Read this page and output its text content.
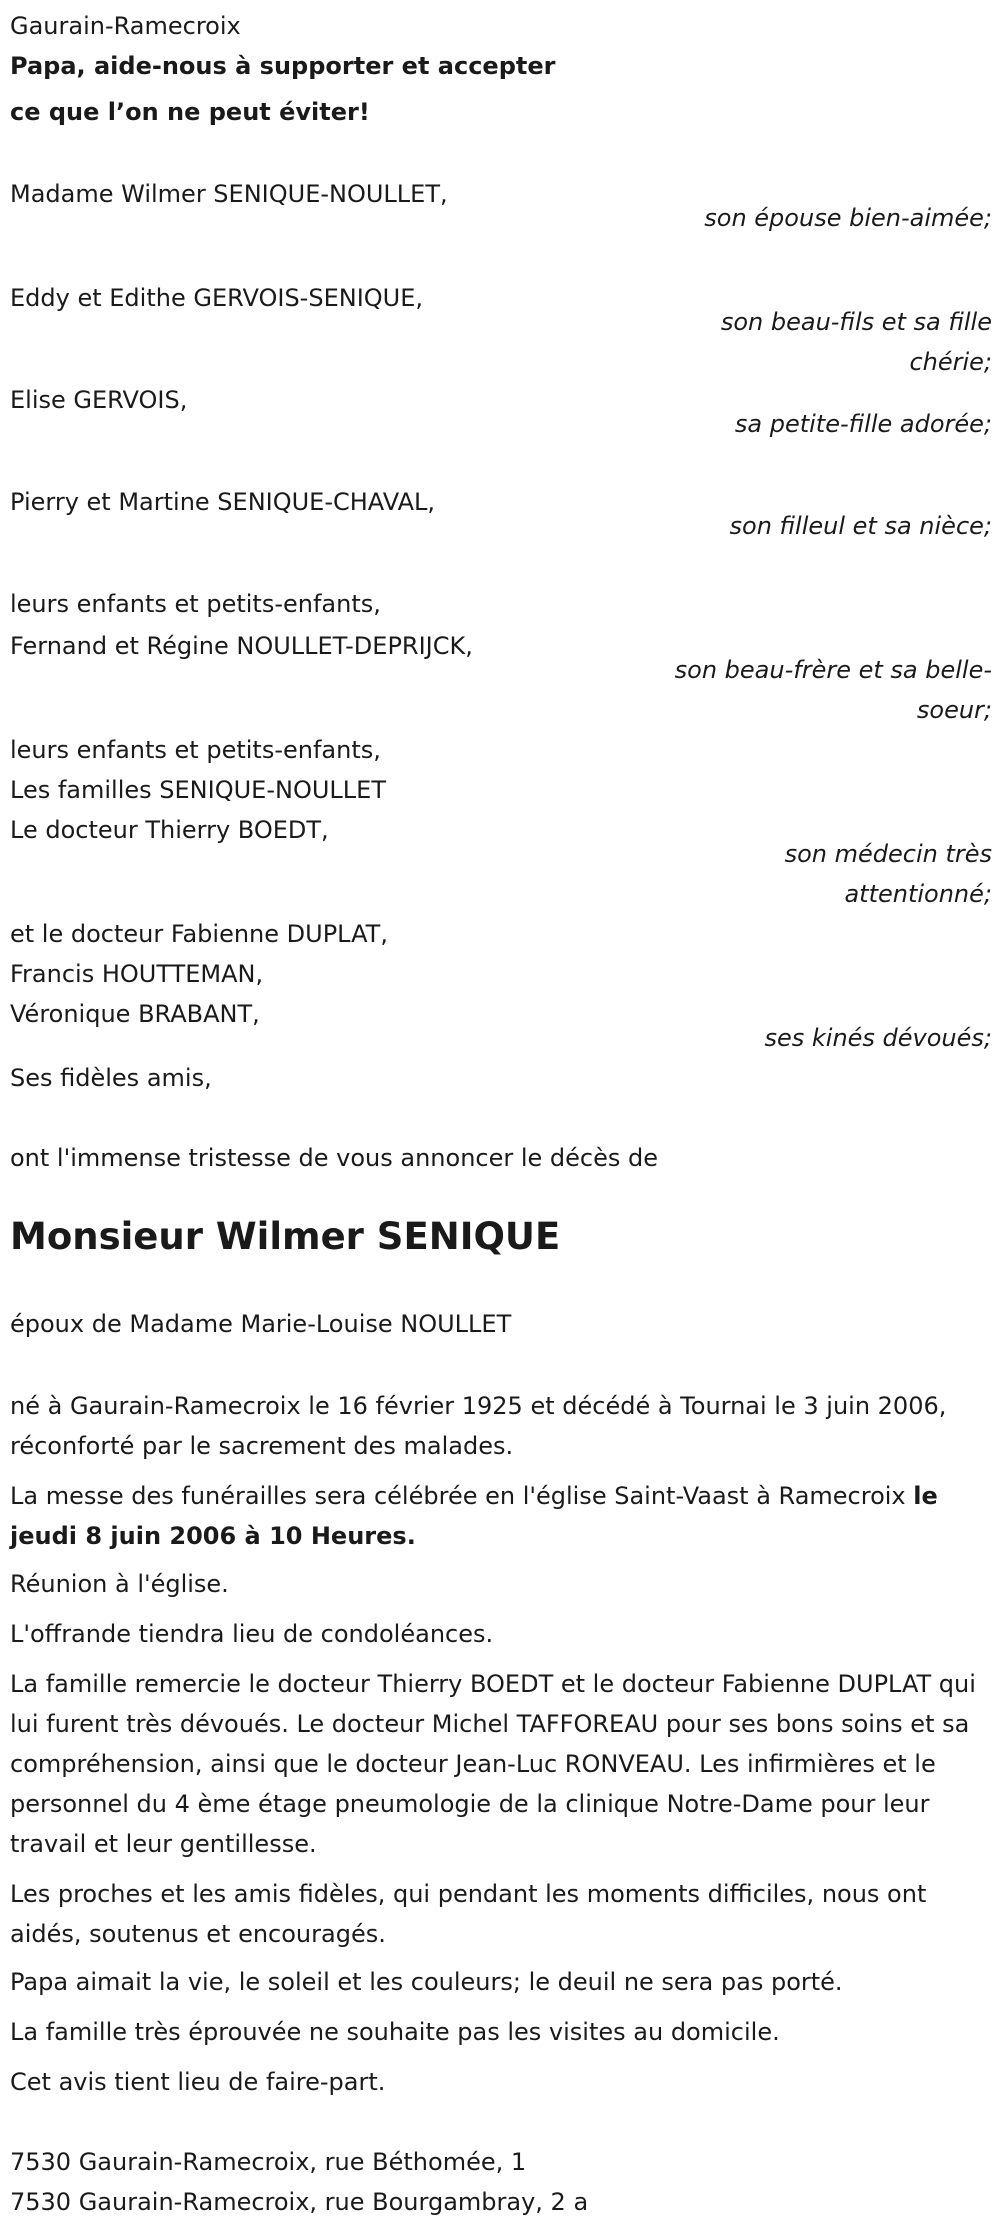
Gaurain-Ramecroix
Papa, aide-nous à supporter et accepter
ce que l’on ne peut éviter!
Madame Wilmer SENIQUE-NOULLET,
son épouse bien-aimée;
Eddy et Edithe GERVOIS-SENIQUE,
son beau-fils et sa fille chérie;
Elise GERVOIS,
sa petite-fille adorée;
Pierry et Martine SENIQUE-CHAVAL,
son filleul et sa nièce;
leurs enfants et petits-enfants,
Fernand et Régine NOULLET-DEPRIJCK,
son beau-frère et sa belle-soeur;
leurs enfants et petits-enfants,
Les familles SENIQUE-NOULLET
Le docteur Thierry BOEDT,
son médecin très attentionné;
et le docteur Fabienne DUPLAT,
Francis HOUTTEMAN,
Véronique BRABANT,
ses kinés dévoués;
Ses fidèles amis,
ont l'immense tristesse de vous annoncer le décès de
Monsieur Wilmer SENIQUE
époux de Madame Marie-Louise NOULLET
né à Gaurain-Ramecroix le 16 février 1925 et décédé à Tournai le 3 juin 2006, réconforté par le sacrement des malades.
La messe des funérailles sera célébrée en l'église Saint-Vaast à Ramecroix le jeudi 8 juin 2006 à 10 Heures.
Réunion à l'église.
L'offrande tiendra lieu de condoléances.
La famille remercie le docteur Thierry BOEDT et le docteur Fabienne DUPLAT qui lui furent très dévoués. Le docteur Michel TAFFOREAU pour ses bons soins et sa compréhension, ainsi que le docteur Jean-Luc RONVEAU. Les infirmières et le personnel du 4 ème étage pneumologie de la clinique Notre-Dame pour leur travail et leur gentillesse.
Les proches et les amis fidèles, qui pendant les moments difficiles, nous ont aidés, soutenus et encouragés.
Papa aimait la vie, le soleil et les couleurs; le deuil ne sera pas porté.
La famille très éprouvée ne souhaite pas les visites au domicile.
Cet avis tient lieu de faire-part.
7530 Gaurain-Ramecroix, rue Béthomée, 1
7530 Gaurain-Ramecroix, rue Bourgambray, 2 a
